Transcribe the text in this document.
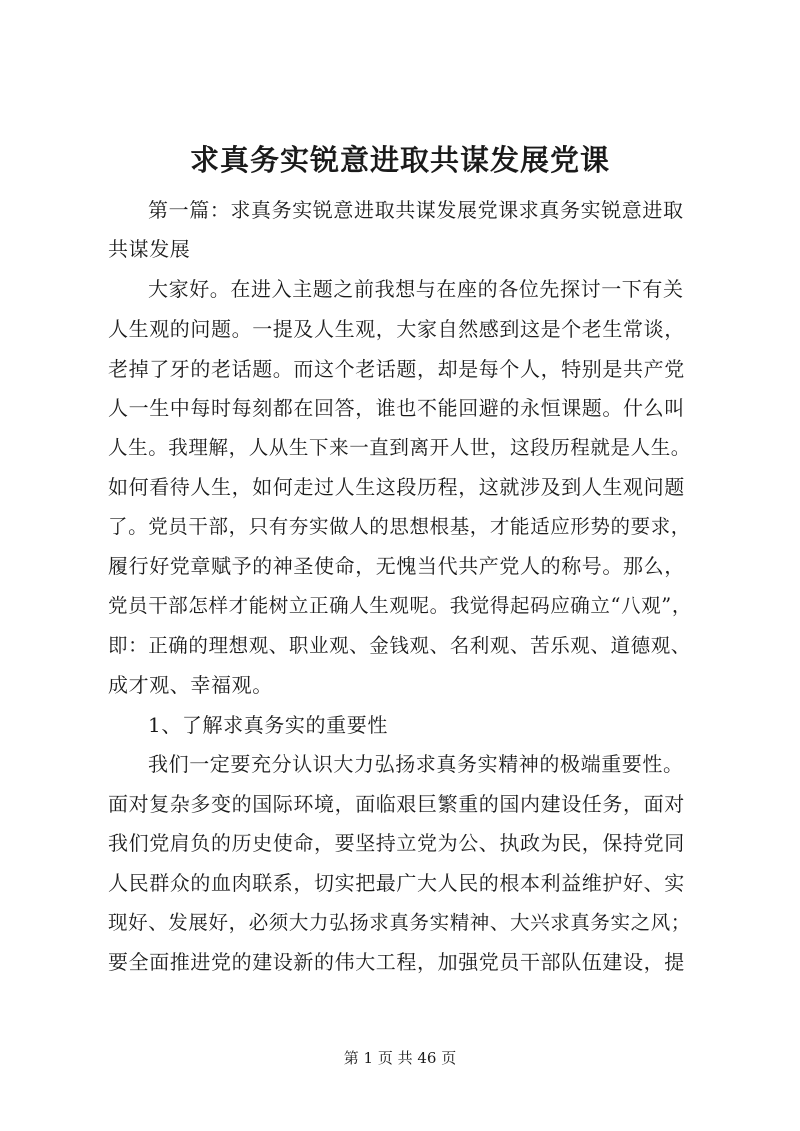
求真务实锐意进取共谋发展党课
第一篇：求真务实锐意进取共谋发展党课求真务实锐意进取
共谋发展
大家好。在进入主题之前我想与在座的各位先探讨一下有关
人生观的问题。一提及人生观，大家自然感到这是个老生常谈，
老掉了牙的老话题。而这个老话题，却是每个人，特别是共产党
人一生中每时每刻都在回答，谁也不能回避的永恒课题。什么叫
人生。我理解，人从生下来一直到离开人世，这段历程就是人生。
如何看待人生，如何走过人生这段历程，这就涉及到人生观问题
了。党员干部，只有夯实做人的思想根基，才能适应形势的要求，
履行好党章赋予的神圣使命，无愧当代共产党人的称号。那么，
党员干部怎样才能树立正确人生观呢。我觉得起码应确立“八观”，
即：正确的理想观、职业观、金钱观、名利观、苦乐观、道德观、
成才观、幸福观。
1、了解求真务实的重要性
我们一定要充分认识大力弘扬求真务实精神的极端重要性。
面对复杂多变的国际环境，面临艰巨繁重的国内建设任务，面对
我们党肩负的历史使命，要坚持立党为公、执政为民，保持党同
人民群众的血肉联系，切实把最广大人民的根本利益维护好、实
现好、发展好，必须大力弘扬求真务实精神、大兴求真务实之风；
要全面推进党的建设新的伟大工程，加强党员干部队伍建设，提
第 1 页 共 46 页
